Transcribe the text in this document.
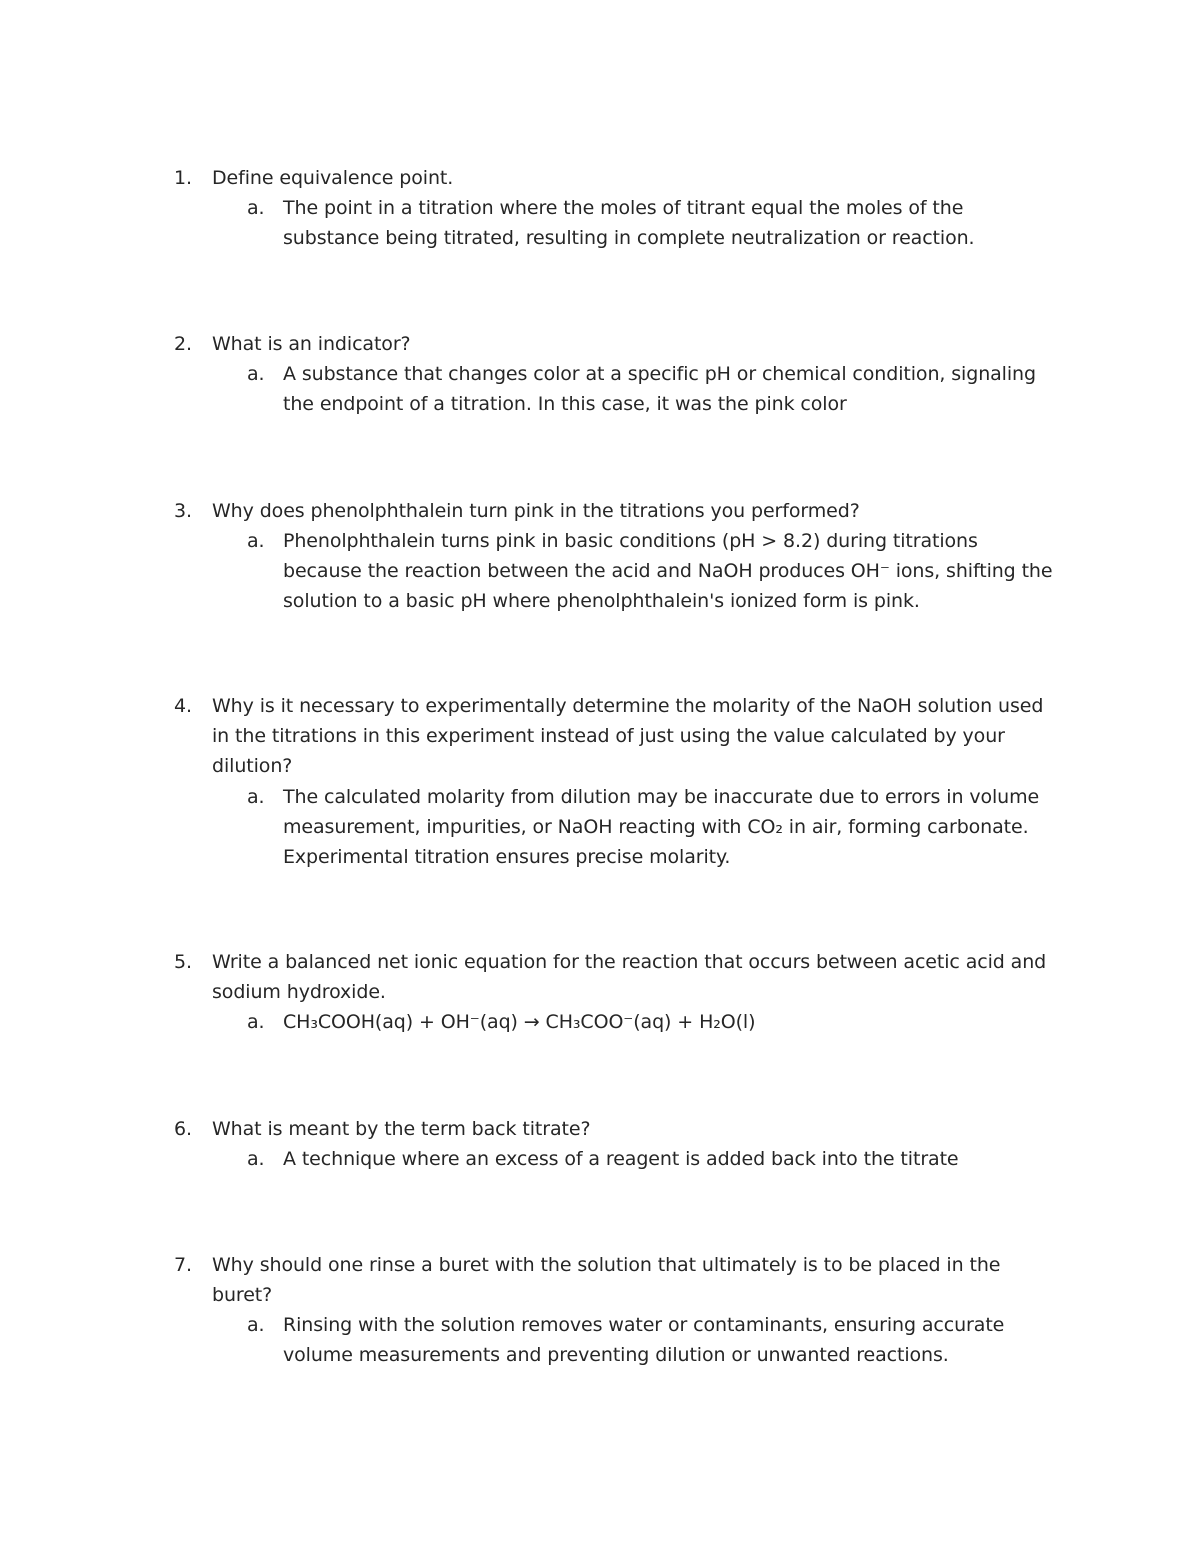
1. Define equivalence point.
a. The point in a titration where the moles of titrant equal the moles of the
substance being titrated, resulting in complete neutralization or reaction.
2. What is an indicator?
a. A substance that changes color at a specific pH or chemical condition, signaling
the endpoint of a titration. In this case, it was the pink color
3. Why does phenolphthalein turn pink in the titrations you performed?
a. Phenolphthalein turns pink in basic conditions (pH > 8.2) during titrations
because the reaction between the acid and NaOH produces OH⁻ ions, shifting the
solution to a basic pH where phenolphthalein's ionized form is pink.
4. Why is it necessary to experimentally determine the molarity of the NaOH solution used
in the titrations in this experiment instead of just using the value calculated by your
dilution?
a. The calculated molarity from dilution may be inaccurate due to errors in volume
measurement, impurities, or NaOH reacting with CO₂ in air, forming carbonate.
Experimental titration ensures precise molarity.
5. Write a balanced net ionic equation for the reaction that occurs between acetic acid and
sodium hydroxide.
a. CH₃COOH(aq) + OH⁻(aq) → CH₃COO⁻(aq) + H₂O(l)
6. What is meant by the term back titrate?
a. A technique where an excess of a reagent is added back into the titrate
7. Why should one rinse a buret with the solution that ultimately is to be placed in the
buret?
a. Rinsing with the solution removes water or contaminants, ensuring accurate
volume measurements and preventing dilution or unwanted reactions.
